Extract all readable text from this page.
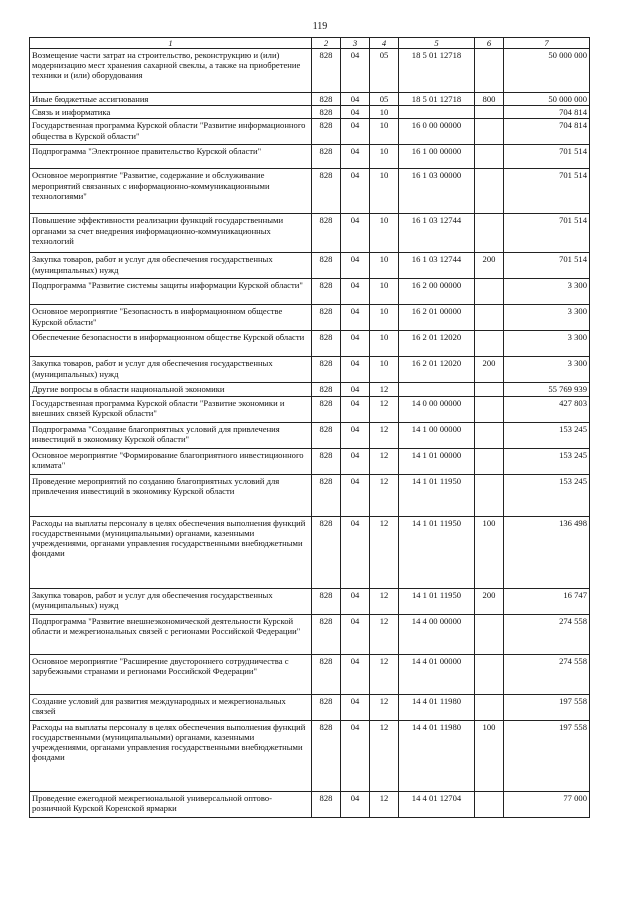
119
1	2	3	4	5	6	7
Возмещение части затрат на строительство, реконструкцию и (или) модернизацию мест хранения сахарной свеклы, а также на приобретение техники и (или) оборудования	828	04	05	18 5 01 12718		50 000 000
Иные бюджетные ассигнования	828	04	05	18 5 01 12718	800	50 000 000
Связь и информатика	828	04	10			704 814
Государственная программа Курской области "Развитие информационного общества в Курской области"	828	04	10	16 0 00 00000		704 814
Подпрограмма "Электронное правительство Курской области"	828	04	10	16 1 00 00000		701 514
Основное мероприятие "Развитие, содержание и обслуживание мероприятий связанных с информационно-коммуникационными технологиями"	828	04	10	16 1 03 00000		701 514
Повышение эффективности реализации функций государственными органами за счет внедрения информационно-коммуникационных технологий	828	04	10	16 1 03 12744		701 514
Закупка товаров, работ и услуг для обеспечения государственных (муниципальных) нужд	828	04	10	16 1 03 12744	200	701 514
Подпрограмма "Развитие системы защиты информации Курской области"	828	04	10	16 2 00 00000		3 300
Основное мероприятие "Безопасность в информационном обществе Курской области"	828	04	10	16 2 01 00000		3 300
Обеспечение безопасности в информационном обществе Курской области	828	04	10	16 2 01 12020		3 300
Закупка товаров, работ и услуг для обеспечения государственных (муниципальных) нужд	828	04	10	16 2 01 12020	200	3 300
Другие вопросы в области национальной экономики	828	04	12			55 769 939
Государственная программа Курской области "Развитие экономики и внешних связей Курской области"	828	04	12	14 0 00 00000		427 803
Подпрограмма "Создание благоприятных условий для привлечения инвестиций в экономику Курской области"	828	04	12	14 1 00 00000		153 245
Основное мероприятие "Формирование благоприятного инвестиционного климата"	828	04	12	14 1 01 00000		153 245
Проведение мероприятий по созданию благоприятных условий для привлечения инвестиций в экономику Курской области	828	04	12	14 1 01 11950		153 245
Расходы на выплаты персоналу в целях обеспечения выполнения функций государственными (муниципальными) органами, казенными учреждениями, органами управления государственными внебюджетными фондами	828	04	12	14 1 01 11950	100	136 498
Закупка товаров, работ и услуг для обеспечения государственных (муниципальных) нужд	828	04	12	14 1 01 11950	200	16 747
Подпрограмма "Развитие внешнеэкономической деятельности Курской области и межрегиональных связей с регионами Российской Федерации"	828	04	12	14 4 00 00000		274 558
Основное мероприятие "Расширение двустороннего сотрудничества с зарубежными странами и регионами Российской Федерации"	828	04	12	14 4 01 00000		274 558
Создание условий для развития международных и межрегиональных связей	828	04	12	14 4 01 11980		197 558
Расходы на выплаты персоналу в целях обеспечения выполнения функций государственными (муниципальными) органами, казенными учреждениями, органами управления государственными внебюджетными фондами	828	04	12	14 4 01 11980	100	197 558
Проведение ежегодной межрегиональной универсальной оптово-розничной Курской Коренской ярмарки	828	04	12	14 4 01 12704		77 000
